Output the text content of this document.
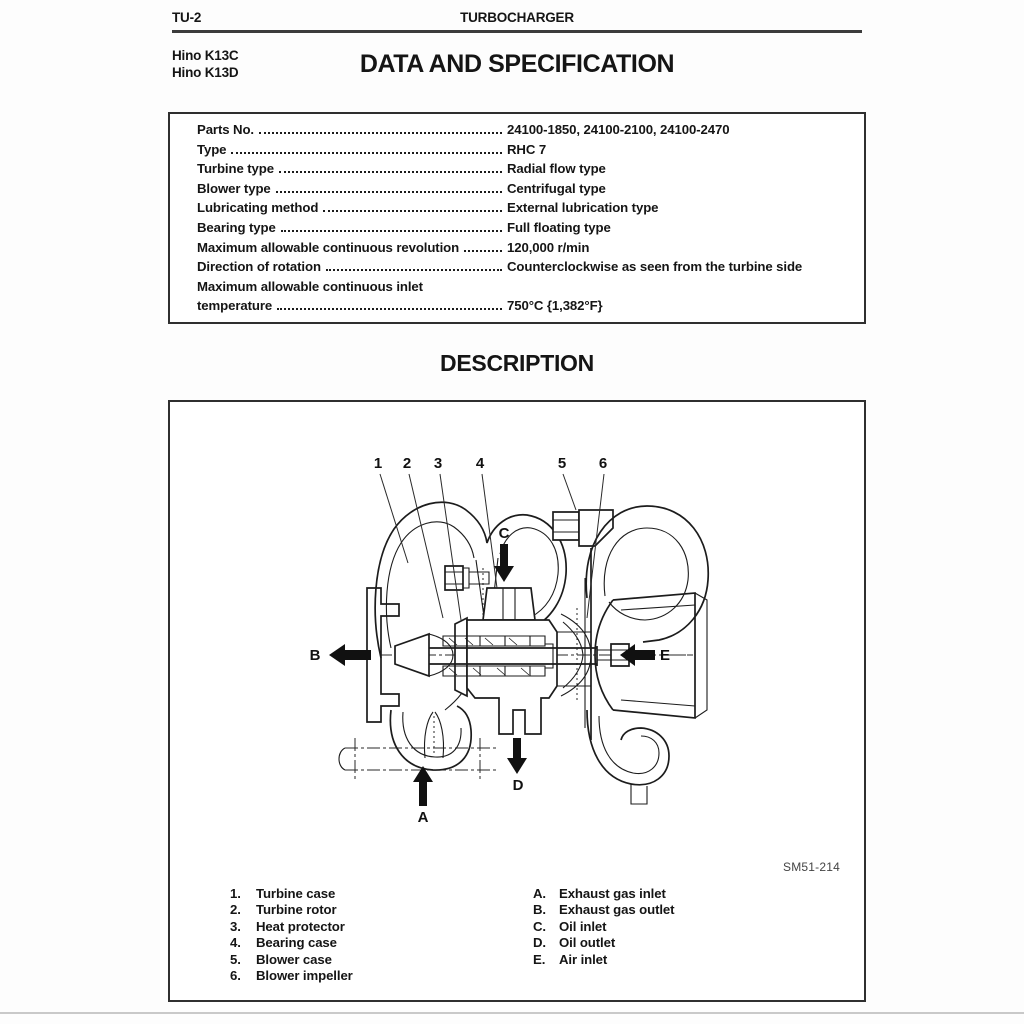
TU-2	TURBOCHARGER
Hino K13C
Hino K13D	DATA AND SPECIFICATION
Parts No.	24100-1850, 24100-2100, 24100-2470
Type	RHC 7
Turbine type	Radial flow type
Blower type	Centrifugal type
Lubricating method	External lubrication type
Bearing type	Full floating type
Maximum allowable continuous revolution	120,000 r/min
Direction of rotation	Counterclockwise as seen from the turbine side
Maximum allowable continuous inlet
temperature	750°C {1,382°F}
DESCRIPTION
1 2 3 4	5 6
A
B
C
D
E
SM51-214
1.	Turbine case
2.	Turbine rotor
3.	Heat protector
4.	Bearing case
5.	Blower case
6.	Blower impeller
A. Exhaust gas inlet
B. Exhaust gas outlet
C. Oil inlet
D. Oil outlet
E.	Air inlet
